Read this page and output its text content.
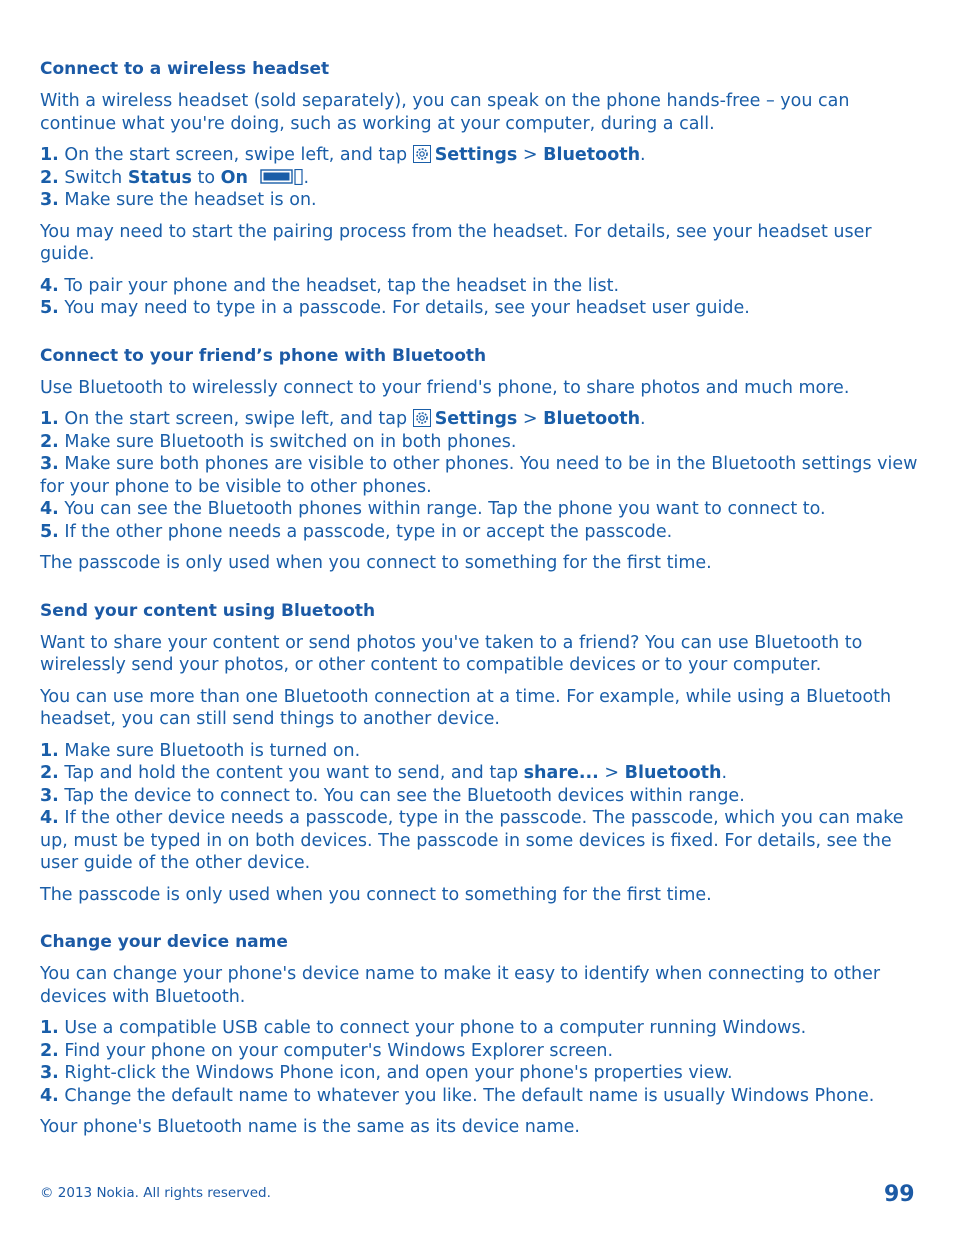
Connect to a wireless headset

With a wireless headset (sold separately), you can speak on the phone hands-free – you can continue what you're doing, such as working at your computer, during a call.

1. On the start screen, swipe left, and tap Settings > Bluetooth.
2. Switch Status to On	.
3. Make sure the headset is on.

You may need to start the pairing process from the headset. For details, see your headset user guide.

4. To pair your phone and the headset, tap the headset in the list.
5. You may need to type in a passcode. For details, see your headset user guide.
Connect to your friend’s phone with Bluetooth

Use Bluetooth to wirelessly connect to your friend's phone, to share photos and much more.

1. On the start screen, swipe left, and tap Settings > Bluetooth.
2. Make sure Bluetooth is switched on in both phones.
3. Make sure both phones are visible to other phones. You need to be in the Bluetooth settings view for your phone to be visible to other phones.
4. You can see the Bluetooth phones within range. Tap the phone you want to connect to.
5. If the other phone needs a passcode, type in or accept the passcode.

The passcode is only used when you connect to something for the first time.

Send your content using Bluetooth

Want to share your content or send photos you've taken to a friend? You can use Bluetooth to wirelessly send your photos, or other content to compatible devices or to your computer.

You can use more than one Bluetooth connection at a time. For example, while using a Bluetooth headset, you can still send things to another device.

1. Make sure Bluetooth is turned on.
2. Tap and hold the content you want to send, and tap share... > Bluetooth.
3. Tap the device to connect to. You can see the Bluetooth devices within range.
4. If the other device needs a passcode, type in the passcode. The passcode, which you can make up, must be typed in on both devices. The passcode in some devices is fixed. For details, see the user guide of the other device.

The passcode is only used when you connect to something for the first time.

Change your device name

You can change your phone's device name to make it easy to identify when connecting to other devices with Bluetooth.

1. Use a compatible USB cable to connect your phone to a computer running Windows.
2. Find your phone on your computer's Windows Explorer screen.
3. Right-click the Windows Phone icon, and open your phone's properties view.
4. Change the default name to whatever you like. The default name is usually Windows Phone.

Your phone's Bluetooth name is the same as its device name.

© 2013 Nokia. All rights reserved.	99
